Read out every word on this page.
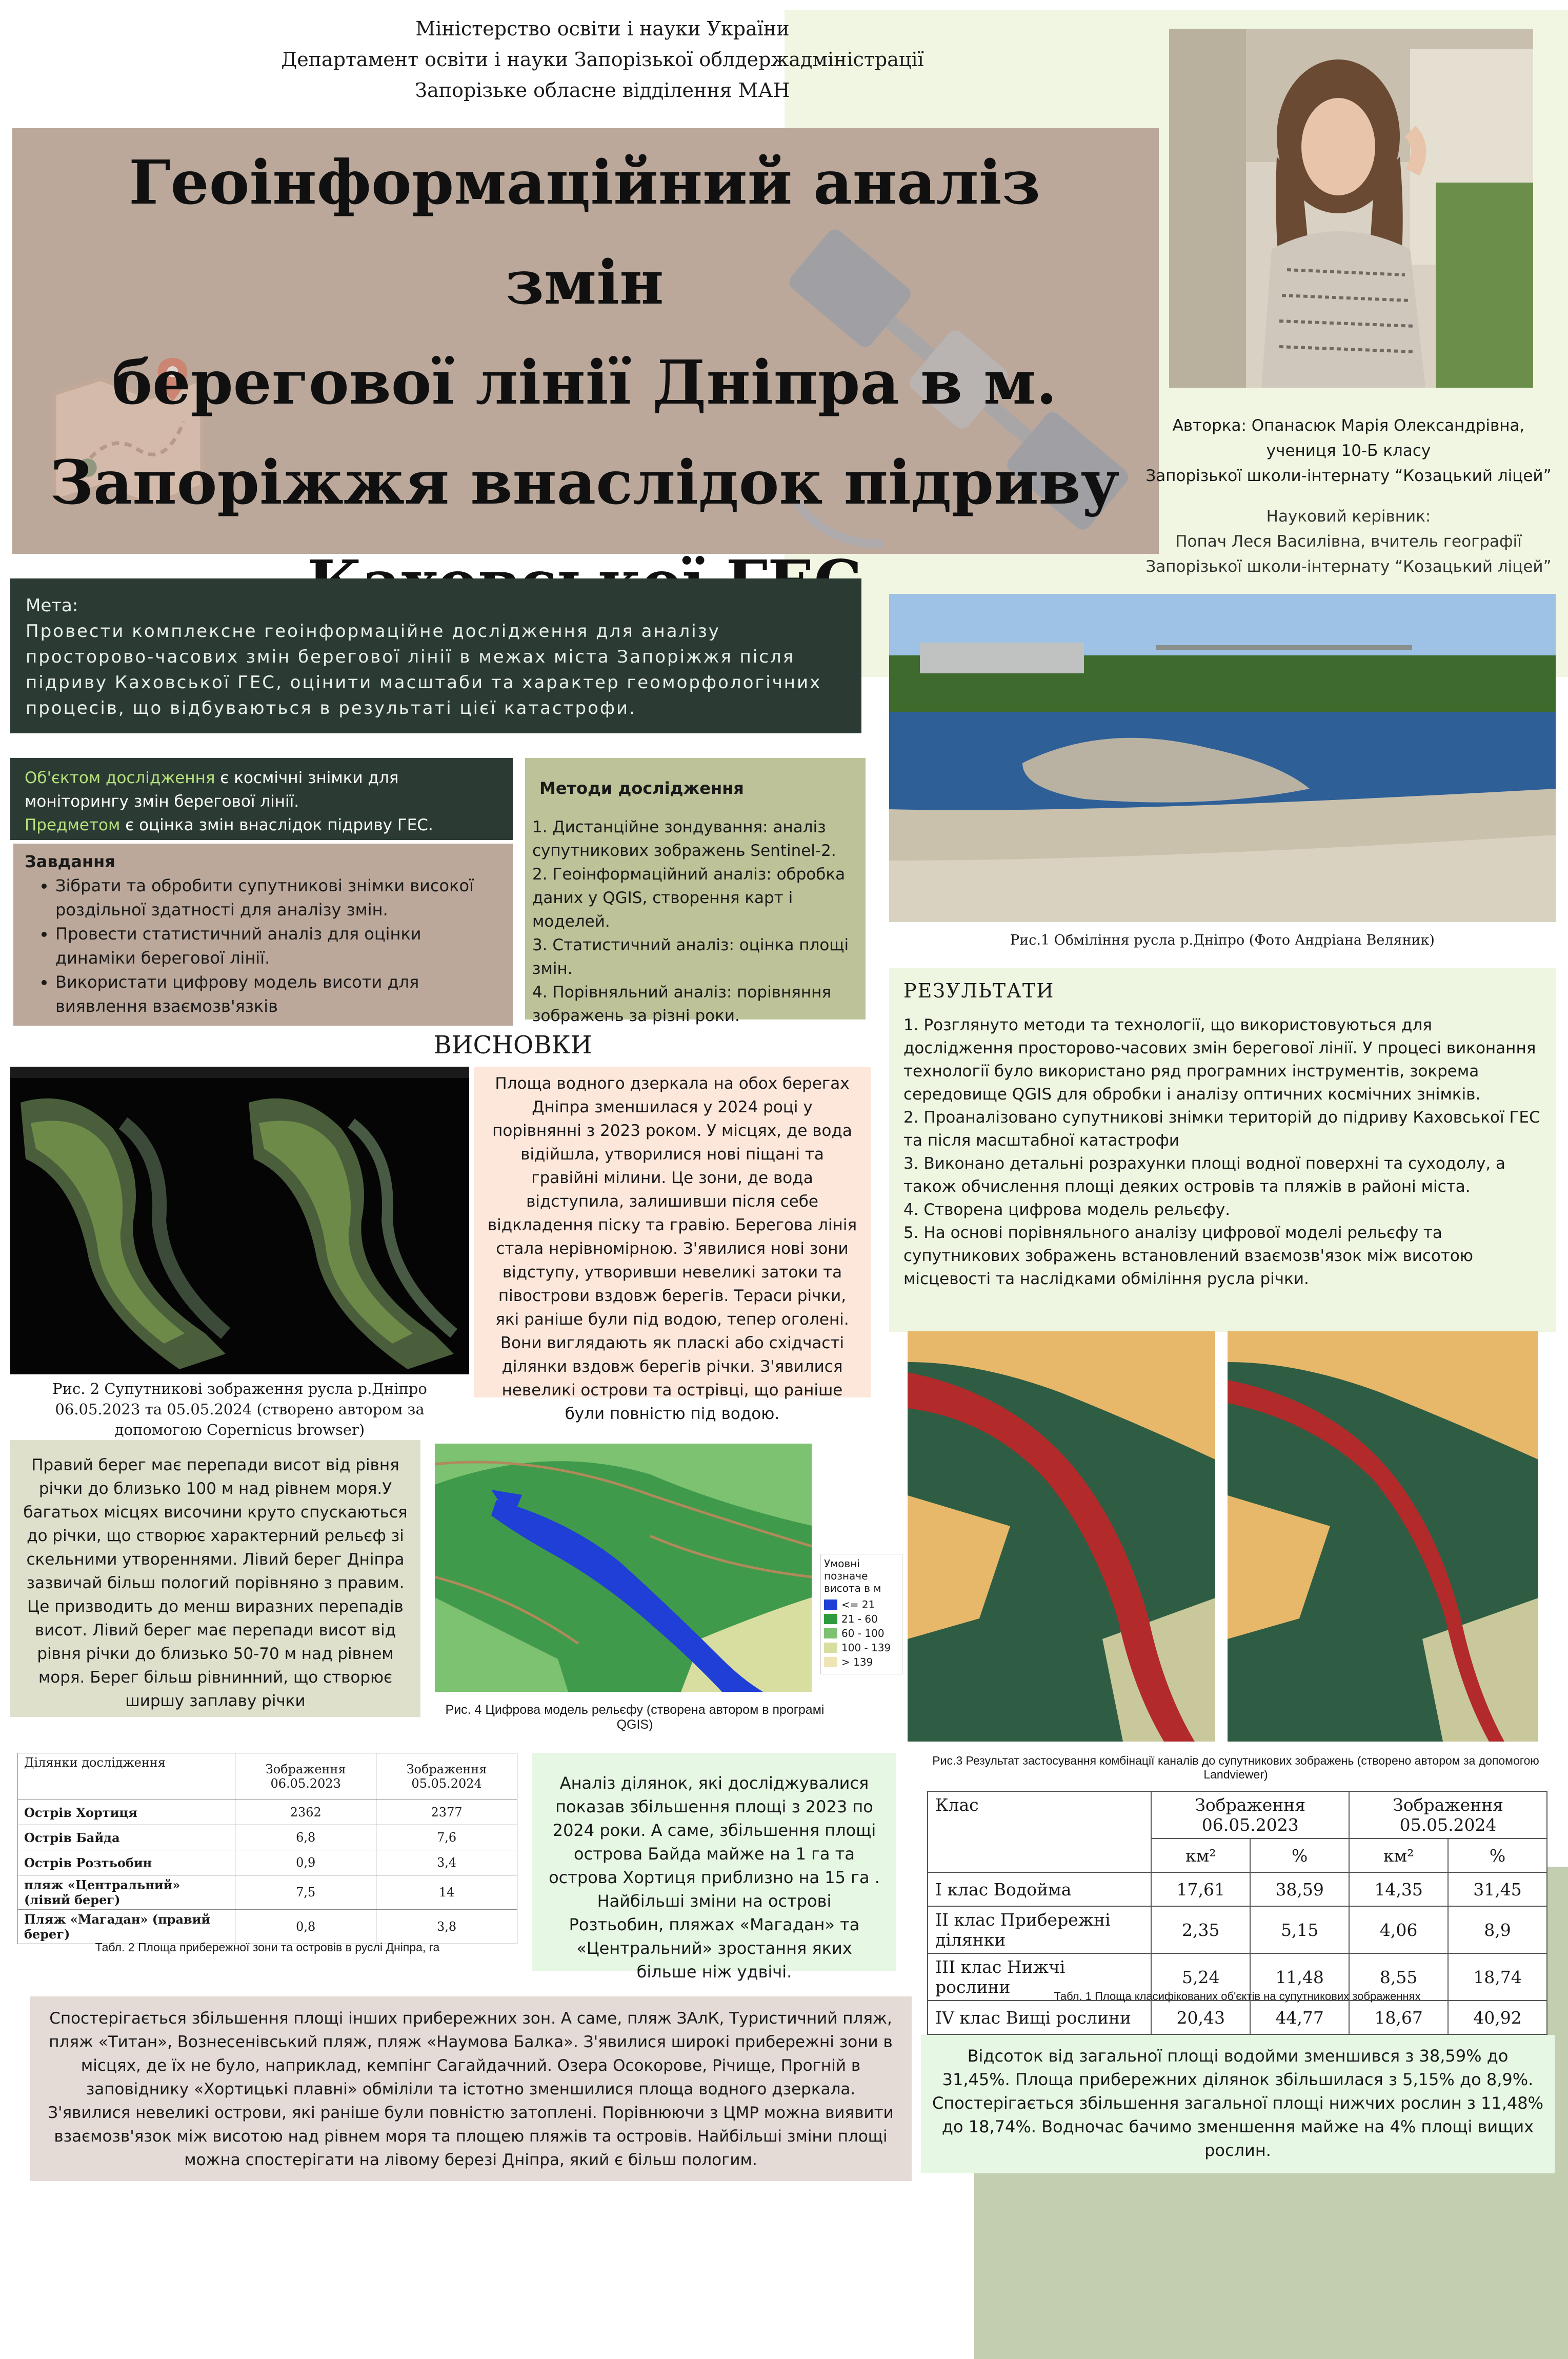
Міністерство освіти і науки України
Департамент освіти і науки Запорізької облдержадміністрації
Запорізьке обласне відділення МАН
Геоінформаційний аналіз змін
берегової лінії Дніпра в м.
Запоріжжя внаслідок підриву
Авторка: Опанасюк Марія Олександрівна,
учениця 10-Б класу
Запорізької школи-інтернату “Козацький ліцей”
Науковий керівник:
Попач Леся Василівна, вчитель географії
Запорізької школи-інтернату “Козацький ліцей”
Мета:
Провести комплексне геоінформаційне дослідження для аналізу просторово-часових змін берегової лінії в межах міста Запоріжжя після підриву Каховської ГЕС, оцінити масштаби та характер геоморфологічних процесів, що відбуваються в результаті цієї катастрофи.
Рис.1 Обміління русла р.Дніпро (Фото Андріана Веляник)
Об'єктом дослідження є космічні знімки для моніторингу змін берегової лінії.
Предметом є оцінка змін внаслідок підриву ГЕС.
Завдання
• Зібрати та обробити супутникові знімки високої роздільної здатності для аналізу змін.
• Провести статистичний аналіз для оцінки динаміки берегової лінії.
• Використати цифрову модель висоти для виявлення взаємозв'язків
Методи дослідження
1. Дистанційне зондування: аналіз супутникових зображень Sentinel-2.
2. Геоінформаційний аналіз: обробка даних у QGIS, створення карт і моделей.
3. Статистичний аналіз: оцінка площі змін.
4. Порівняльний аналіз: порівняння зображень за різні роки.
РЕЗУЛЬТАТИ
1. Розглянуто методи та технології, що використовуються для дослідження просторово-часових змін берегової лінії. У процесі виконання технології було використано ряд програмних інструментів, зокрема середовище QGIS для обробки і аналізу оптичних космічних знімків.
2. Проаналізовано супутникові знімки територій до підриву Каховської ГЕС та після масштабної катастрофи
3. Виконано детальні розрахунки площі водної поверхні та суходолу, а також обчислення площі деяких островів та пляжів в районі міста.
4. Створена цифрова модель рельєфу.
5. На основі порівняльного аналізу цифрової моделі рельєфу та супутникових зображень встановлений взаємозв'язок між висотою місцевості та наслідками обміління русла річки.
ВИСНОВКИ
Рис. 2 Супутникові зображення русла р.Дніпро 06.05.2023 та 05.05.2024 (створено автором за допомогою Copernicus browser)
Площа водного дзеркала на обох берегах Дніпра зменшилася у 2024 році у порівнянні з 2023 роком. У місцях, де вода відійшла, утворилися нові піщані та гравійні мілини. Це зони, де вода відступила, залишивши після себе відкладення піску та гравію. Берегова лінія стала нерівномірною. З'явилися нові зони відступу, утворивши невеликі затоки та півострови вздовж берегів. Тераси річки, які раніше були під водою, тепер оголені. Вони виглядають як пласкі або східчасті ділянки вздовж берегів річки. З'явилися невеликі острови та острівці, що раніше були повністю під водою.
Правий берег має перепади висот від рівня річки до близько 100 м над рівнем моря.У багатьох місцях височини круто спускаються до річки, що створює характерний рельєф зі скельними утвореннями. Лівий берег Дніпра зазвичай більш пологий порівняно з правим. Це призводить до менш виразних перепадів висот. Лівий берег має перепади висот від рівня річки до близько 50-70 м над рівнем моря. Берег більш рівнинний, що створює ширшу заплаву річки
Умовні позначе висота в м
<= 21
21 - 60
60 - 100
100 - 139
> 139
Рис. 4 Цифрова модель рельєфу (створена автором в програмі QGIS)
Рис.3 Результат застосування комбінації каналів до супутникових зображень (створено автором за допомогою Landviewer)
Ділянки дослідження	Зображення 06.05.2023	Зображення 05.05.2024
Острів Хортиця	2362	2377
Острів Байда	6,8	7,6
Острів Розтьобин	0,9	3,4
пляж «Центральний» (лівий берег)	7,5	14
Пляж «Магадан» (правий берег)	0,8	3,8
Табл. 2 Площа прибережної зони та островів в руслі Дніпра, га
Аналіз ділянок, які досліджувалися показав збільшення площі з 2023 по 2024 роки. А саме, збільшення площі острова Байда майже на 1 га та острова Хортиця приблизно на 15 га . Найбільші зміни на острові Розтьобин, пляжах «Магадан» та «Центральний» зростання яких більше ніж удвічі.
Клас	Зображення 06.05.2023		Зображення 05.05.2024	
	км²	%	км²	%
І клас Водойма	17,61	38,59	14,35	31,45
ІІ клас Прибережні ділянки	2,35	5,15	4,06	8,9
ІІІ клас Нижчі рослини	5,24	11,48	8,55	18,74
IV клас Вищі рослини	20,43	44,77	18,67	40,92
Табл. 1 Площа класифікованих об'єктів на супутникових зображеннях
Спостерігається збільшення площі інших прибережних зон. А саме, пляж ЗАлК, Туристичний пляж, пляж «Титан», Вознесенівський пляж, пляж «Наумова Балка». З'явилися широкі прибережні зони в місцях, де їх не було, наприклад, кемпінг Сагайдачний. Озера Осокорове, Річище, Прогній в заповіднику «Хортицькі плавні» обміліли та істотно зменшилися площа водного дзеркала. З'явилися невеликі острови, які раніше були повністю затоплені. Порівнюючи з ЦМР можна виявити взаємозв'язок між висотою над рівнем моря та площею пляжів та островів. Найбільші зміни площі можна спостерігати на лівому березі Дніпра, який є більш пологим.
Відсоток від загальної площі водойми зменшився з 38,59% до 31,45%. Площа прибережних ділянок збільшилася з 5,15% до 8,9%. Спостерігається збільшення загальної площі нижчих рослин з 11,48% до 18,74%. Водночас бачимо зменшення майже на 4% площі вищих рослин.
